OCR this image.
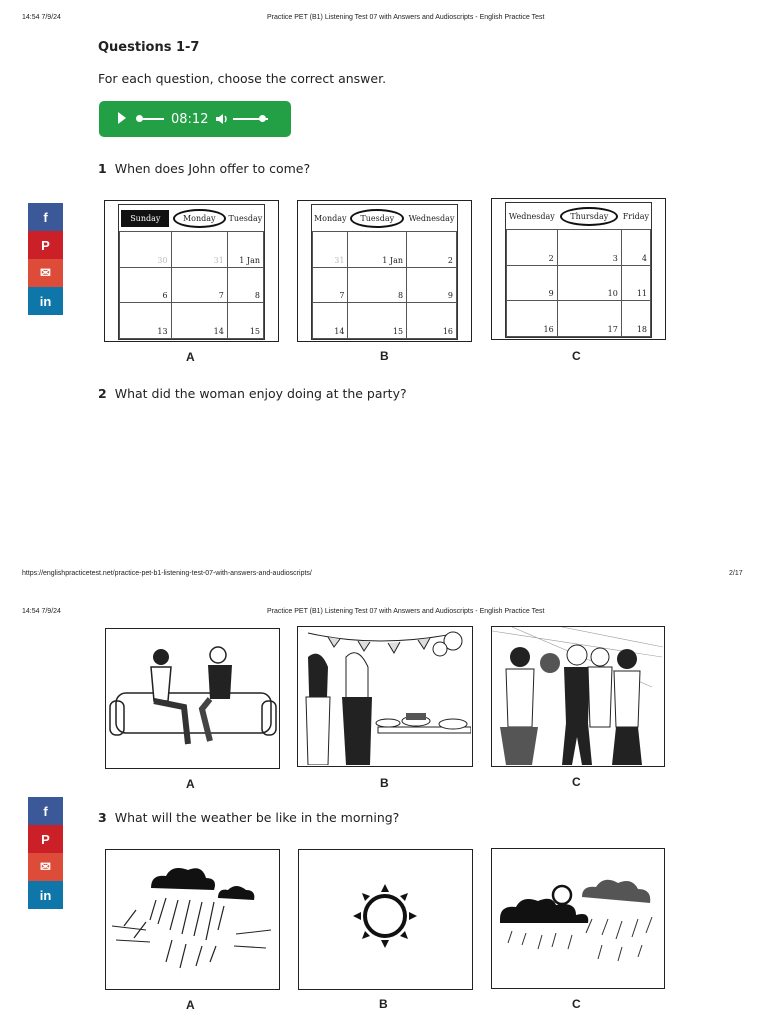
14:54 7/9/24	Practice PET (B1) Listening Test 07 with Answers and Audioscripts - English Practice Test
Questions 1-7
For each question, choose the correct answer.
08:12
f
P
✉
in
1 When does John offer to come?
Sunday	Monday	Tuesday
30	31	1 Jan
6	7	8
13	14	15
Monday	Tuesday	Wednesday
31	1 Jan	2
7	8	9
14	15	16
Wednesday	Thursday	Friday
2	3	4
9	10	11
16	17	18
A	B	C
2 What did the woman enjoy doing at the party?
https://englishpracticetest.net/practice-pet-b1-listening-test-07-with-answers-and-audioscripts/	2/17
14:54 7/9/24	Practice PET (B1) Listening Test 07 with Answers and Audioscripts - English Practice Test
A	B	C
f
P
✉
in
3 What will the weather be like in the morning?
A	B	C
